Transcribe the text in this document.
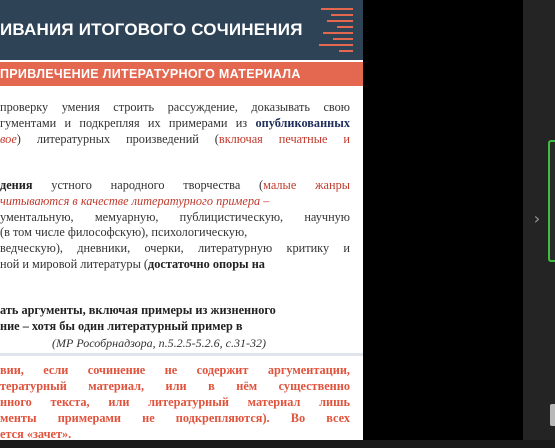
ИВАНИЯ ИТОГОВОГО СОЧИНЕНИЯ
ПРИВЛЕЧЕНИЕ ЛИТЕРАТУРНОГО МАТЕРИАЛА
проверку умения строить рассуждение, доказывать свою
гументами и подкрепляя их примерами из опубликованных
вое) литературных произведений (включая печатные и
дения устного народного творчества (малые жанры
читываются в качестве литературного примера –
ументальную, мемуарную, публицистическую, научную
(в том числе философскую), психологическую,
ведческую), дневники, очерки, литературную критику и
ной и мировой литературы (достаточно опоры на
ать аргументы, включая примеры из жизненного
ние – хотя бы один литературный пример в
(МР Рособрнадзора, п.5.2.5-5.2.6, с.31-32)
вии, если сочинение не содержит аргументации,
тературный материал, или в нём существенно
нного текста, или литературный материал лишь
менты примерами не подкрепляются). Во всех
ется «зачет».
›
